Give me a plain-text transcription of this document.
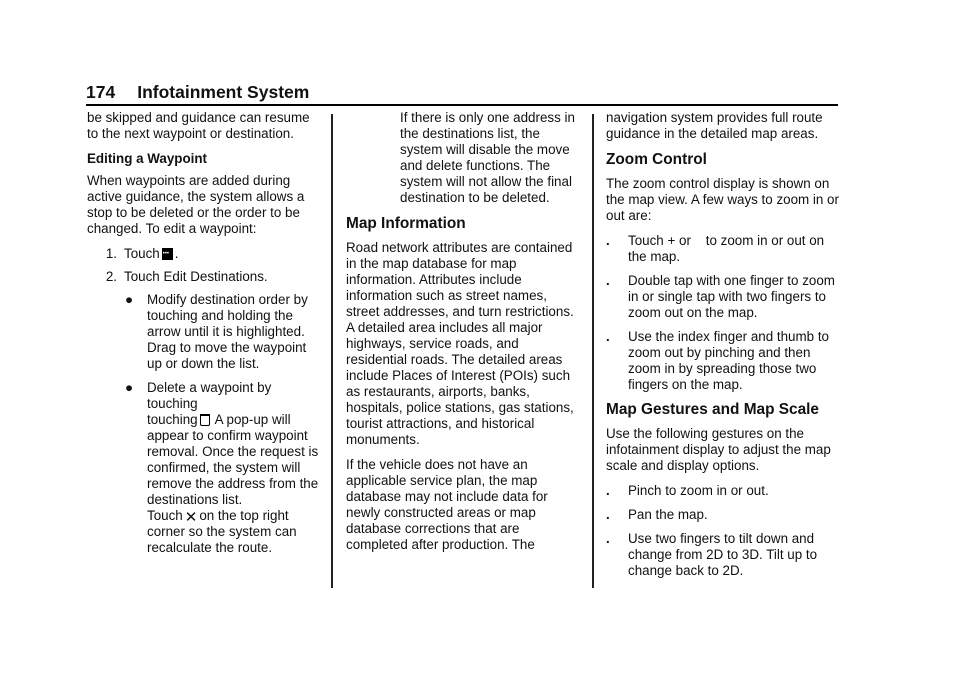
174 Infotainment System

be skipped and guidance can resume to the next waypoint or destination.

Editing a Waypoint

When waypoints are added during active guidance, the system allows a stop to be deleted or the order to be changed. To edit a waypoint:

1. Touch••• .
2. Touch Edit Destinations.
●	Modify destination order by touching and holding the arrow until it is highlighted. Drag to move the waypoint up or down the list.
●	Delete a waypoint by touching
touching A pop-up will appear to confirm waypoint removal. Once the request is confirmed, the system will remove the address from the destinations list.
Touch ✕ on the top right corner so the system can recalculate the route.

If there is only one address in the destinations list, the system will disable the move and delete functions. The system will not allow the final destination to be deleted.

Map Information

Road network attributes are contained in the map database for map information. Attributes include information such as street names, street addresses, and turn restrictions. A detailed area includes all major highways, service roads, and residential roads. The detailed areas include Places of Interest (POIs) such as restaurants, airports, banks, hospitals, police stations, gas stations, tourist attractions, and historical monuments.

If the vehicle does not have an applicable service plan, the map database may not include data for newly constructed areas or map database corrections that are completed after production. The

navigation system provides full route guidance in the detailed map areas.

Zoom Control

The zoom control display is shown on the map view. A few ways to zoom in or out are:

.	Touch + or    to zoom in or out on the map.
.	Double tap with one finger to zoom in or single tap with two fingers to zoom out on the map.
.	Use the index finger and thumb to zoom out by pinching and then zoom in by spreading those two fingers on the map.
Map Gestures and Map Scale

Use the following gestures on the infotainment display to adjust the map scale and display options.

.	Pinch to zoom in or out.
.	Pan the map.
.	Use two fingers to tilt down and change from 2D to 3D. Tilt up to change back to 2D.
